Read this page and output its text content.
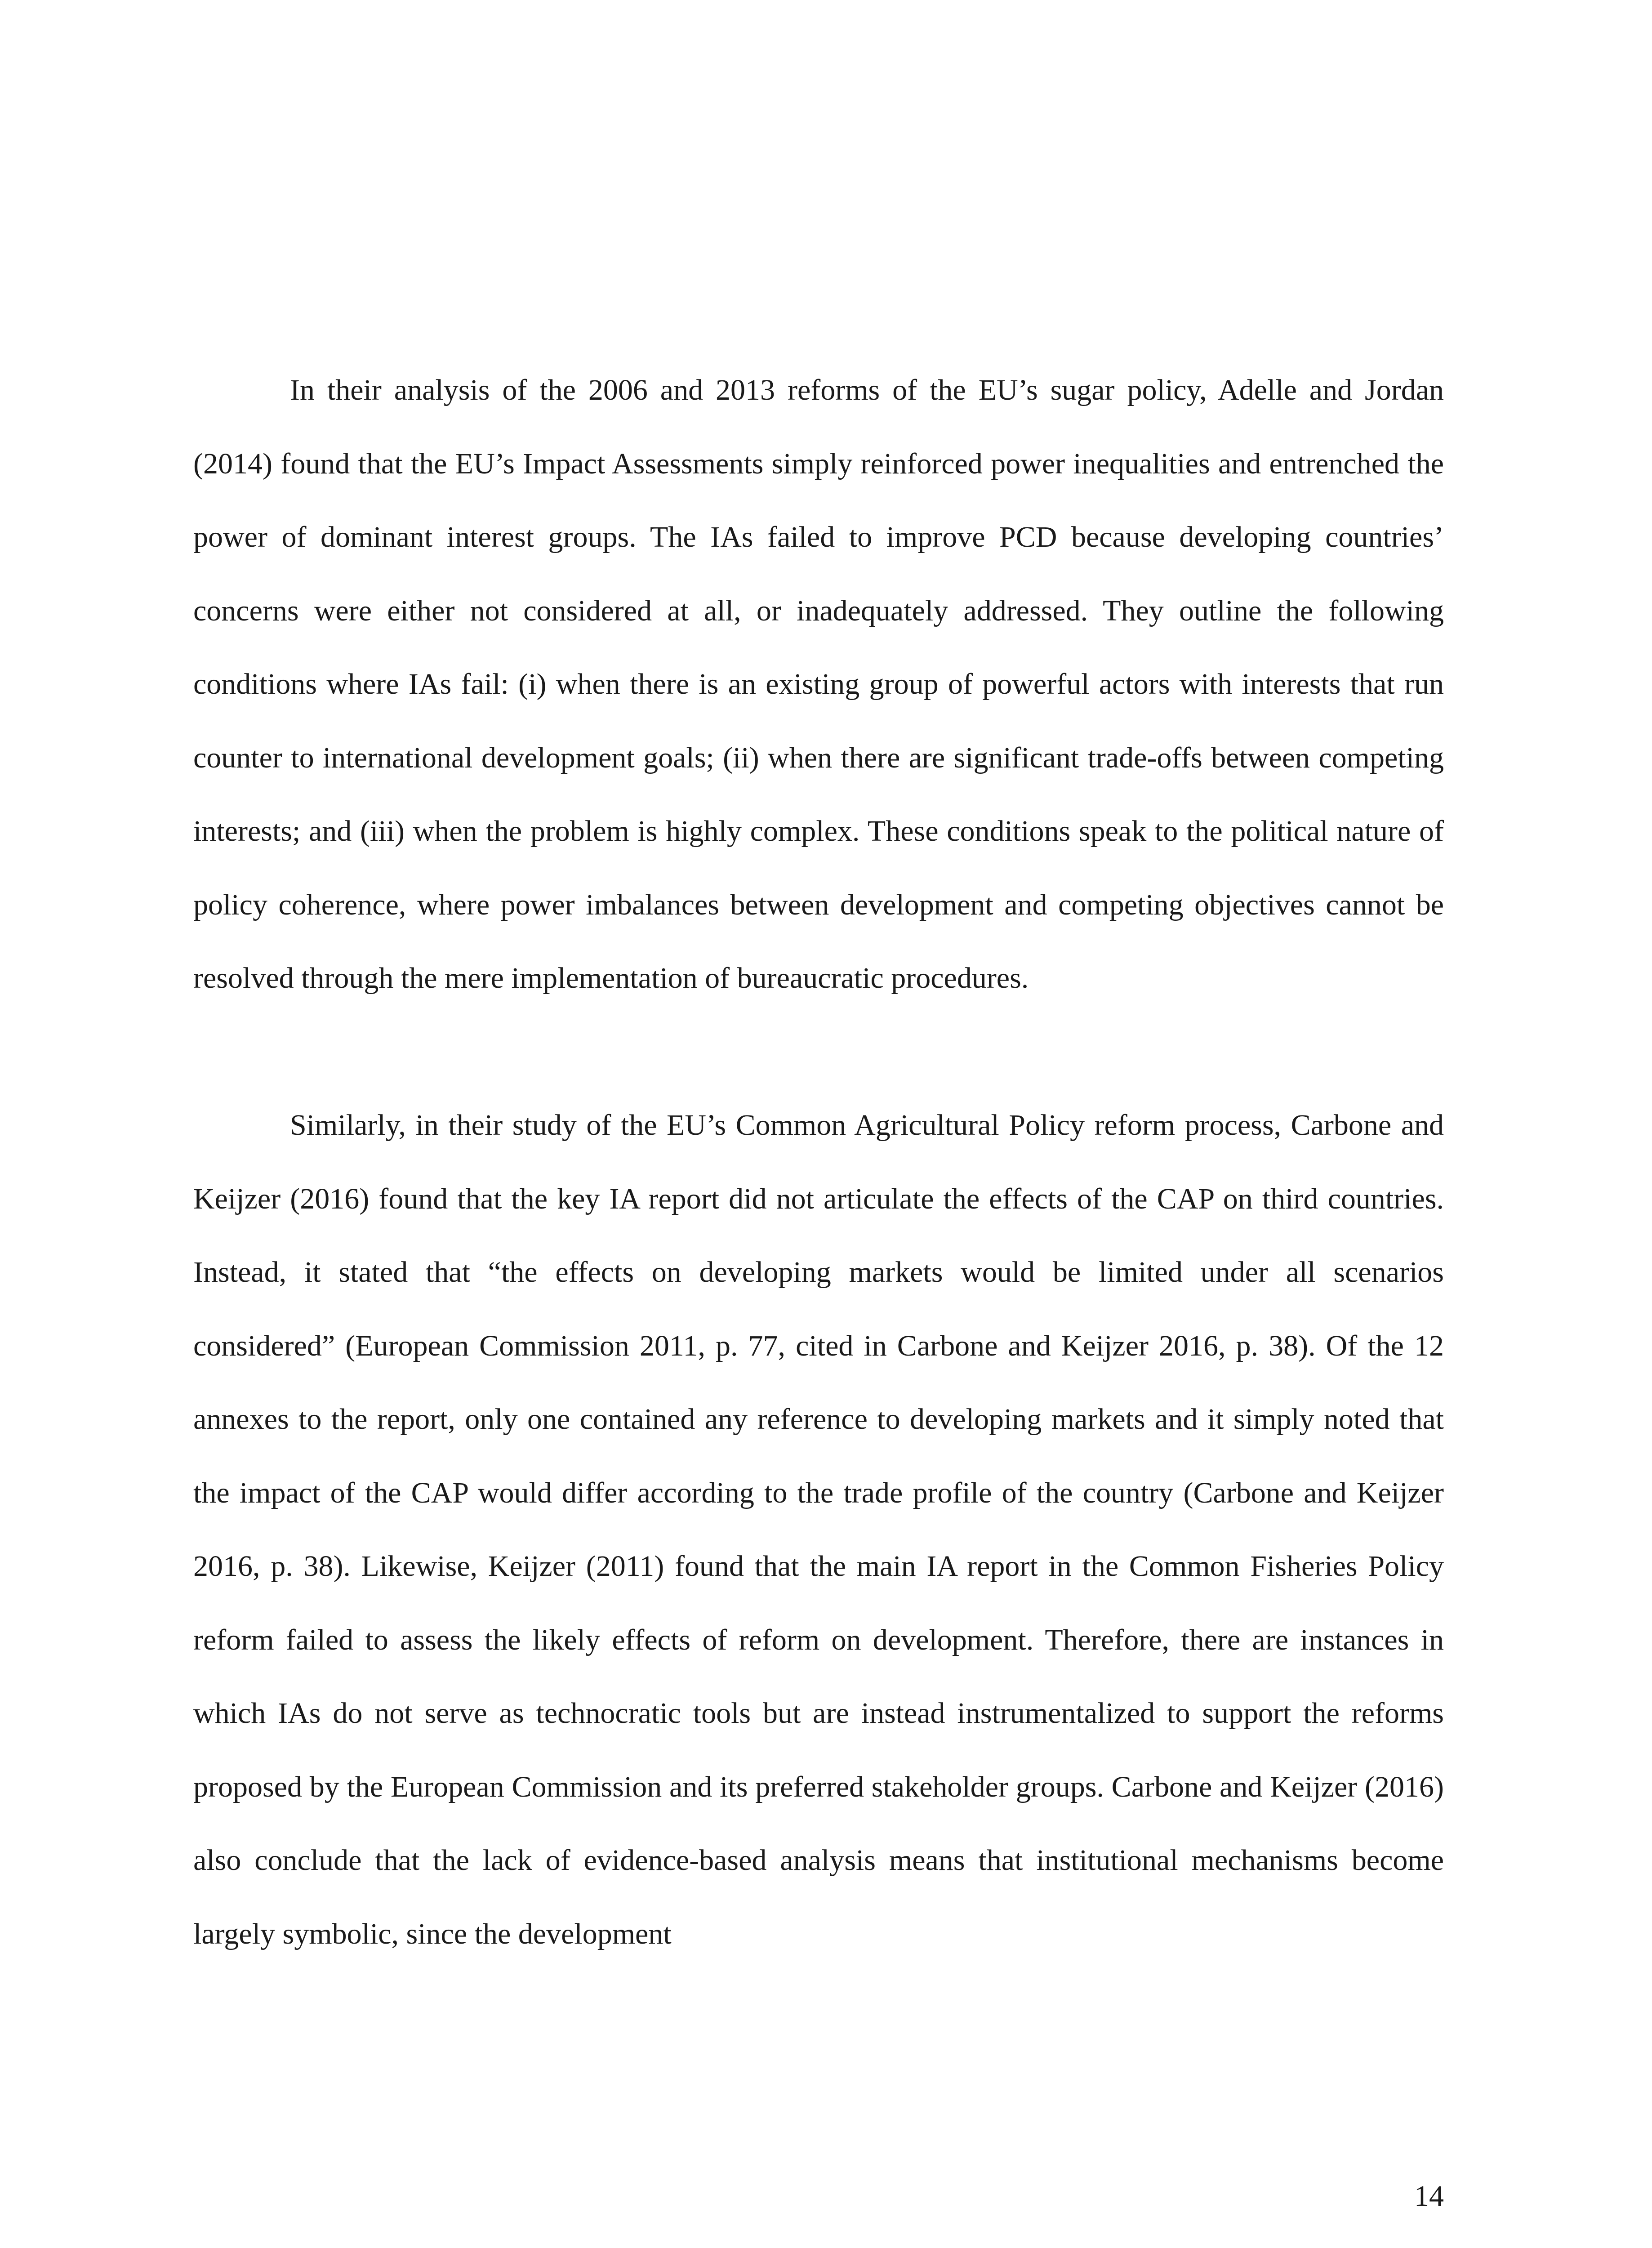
In their analysis of the 2006 and 2013 reforms of the EU’s sugar policy, Adelle and Jordan (2014) found that the EU’s Impact Assessments simply reinforced power inequalities and entrenched the power of dominant interest groups. The IAs failed to improve PCD because developing countries’ concerns were either not considered at all, or inadequately addressed. They outline the following conditions where IAs fail: (i) when there is an existing group of powerful actors with interests that run counter to international development goals; (ii) when there are significant trade-offs between competing interests; and (iii) when the problem is highly complex. These conditions speak to the political nature of policy coherence, where power imbalances between development and competing objectives cannot be resolved through the mere implementation of bureaucratic procedures.

Similarly, in their study of the EU’s Common Agricultural Policy reform process, Carbone and Keijzer (2016) found that the key IA report did not articulate the effects of the CAP on third countries. Instead, it stated that “the effects on developing markets would be limited under all scenarios considered” (European Commission 2011, p. 77, cited in Carbone and Keijzer 2016, p. 38). Of the 12 annexes to the report, only one contained any reference to developing markets and it simply noted that the impact of the CAP would differ according to the trade profile of the country (Carbone and Keijzer 2016, p. 38). Likewise, Keijzer (2011) found that the main IA report in the Common Fisheries Policy reform failed to assess the likely effects of reform on development. Therefore, there are instances in which IAs do not serve as technocratic tools but are instead instrumentalized to support the reforms proposed by the European Commission and its preferred stakeholder groups. Carbone and Keijzer (2016) also conclude that the lack of evidence-based analysis means that institutional mechanisms become largely symbolic, since the development

14
